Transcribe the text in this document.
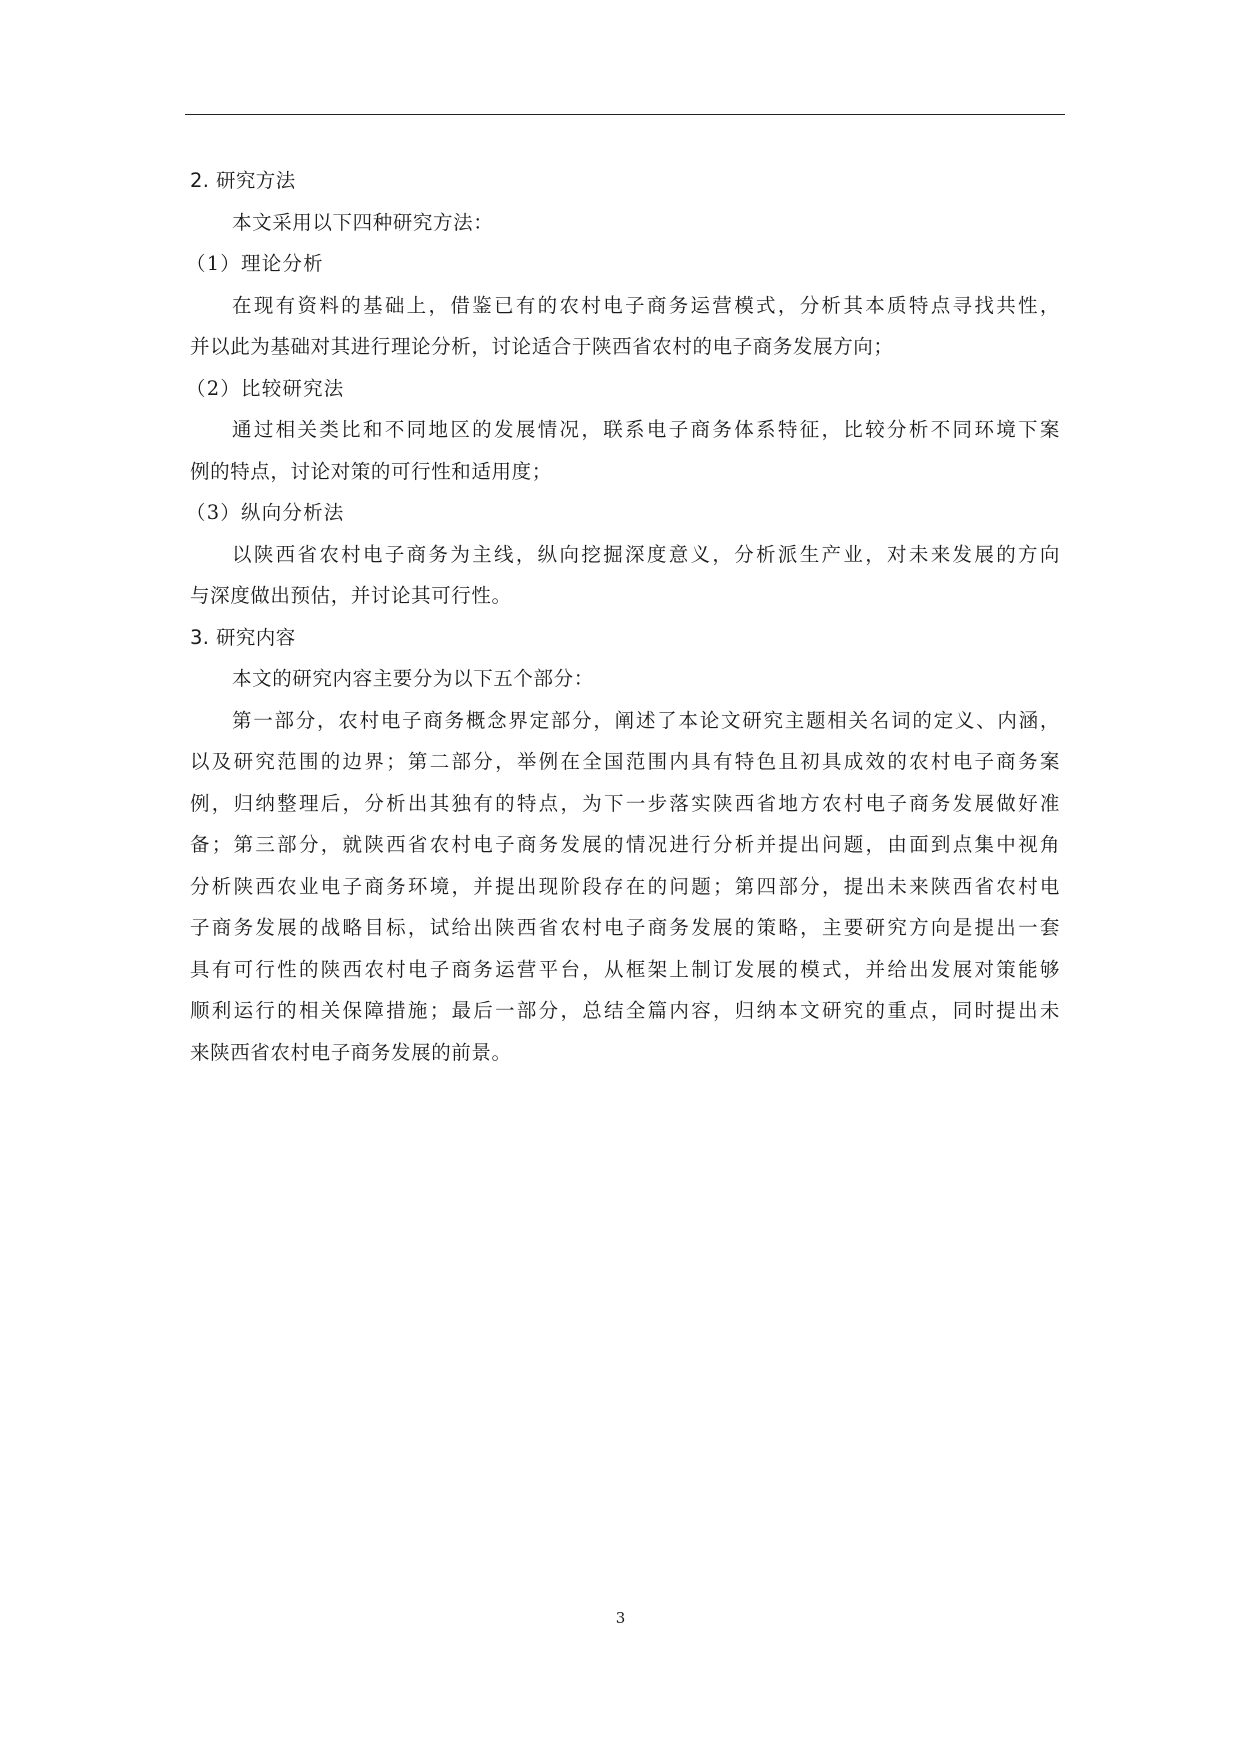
2. 研究方法
本文采用以下四种研究方法：
（1）理论分析
在现有资料的基础上，借鉴已有的农村电子商务运营模式，分析其本质特点寻找共性，
并以此为基础对其进行理论分析，讨论适合于陕西省农村的电子商务发展方向；
（2）比较研究法
通过相关类比和不同地区的发展情况，联系电子商务体系特征，比较分析不同环境下案
例的特点，讨论对策的可行性和适用度；
（3）纵向分析法
以陕西省农村电子商务为主线，纵向挖掘深度意义，分析派生产业，对未来发展的方向
与深度做出预估，并讨论其可行性。
3. 研究内容
本文的研究内容主要分为以下五个部分：
第一部分，农村电子商务概念界定部分，阐述了本论文研究主题相关名词的定义、内涵，
以及研究范围的边界；第二部分，举例在全国范围内具有特色且初具成效的农村电子商务案
例，归纳整理后，分析出其独有的特点，为下一步落实陕西省地方农村电子商务发展做好准
备；第三部分，就陕西省农村电子商务发展的情况进行分析并提出问题，由面到点集中视角
分析陕西农业电子商务环境，并提出现阶段存在的问题；第四部分，提出未来陕西省农村电
子商务发展的战略目标，试给出陕西省农村电子商务发展的策略，主要研究方向是提出一套
具有可行性的陕西农村电子商务运营平台，从框架上制订发展的模式，并给出发展对策能够
顺利运行的相关保障措施；最后一部分，总结全篇内容，归纳本文研究的重点，同时提出未
来陕西省农村电子商务发展的前景。
3
